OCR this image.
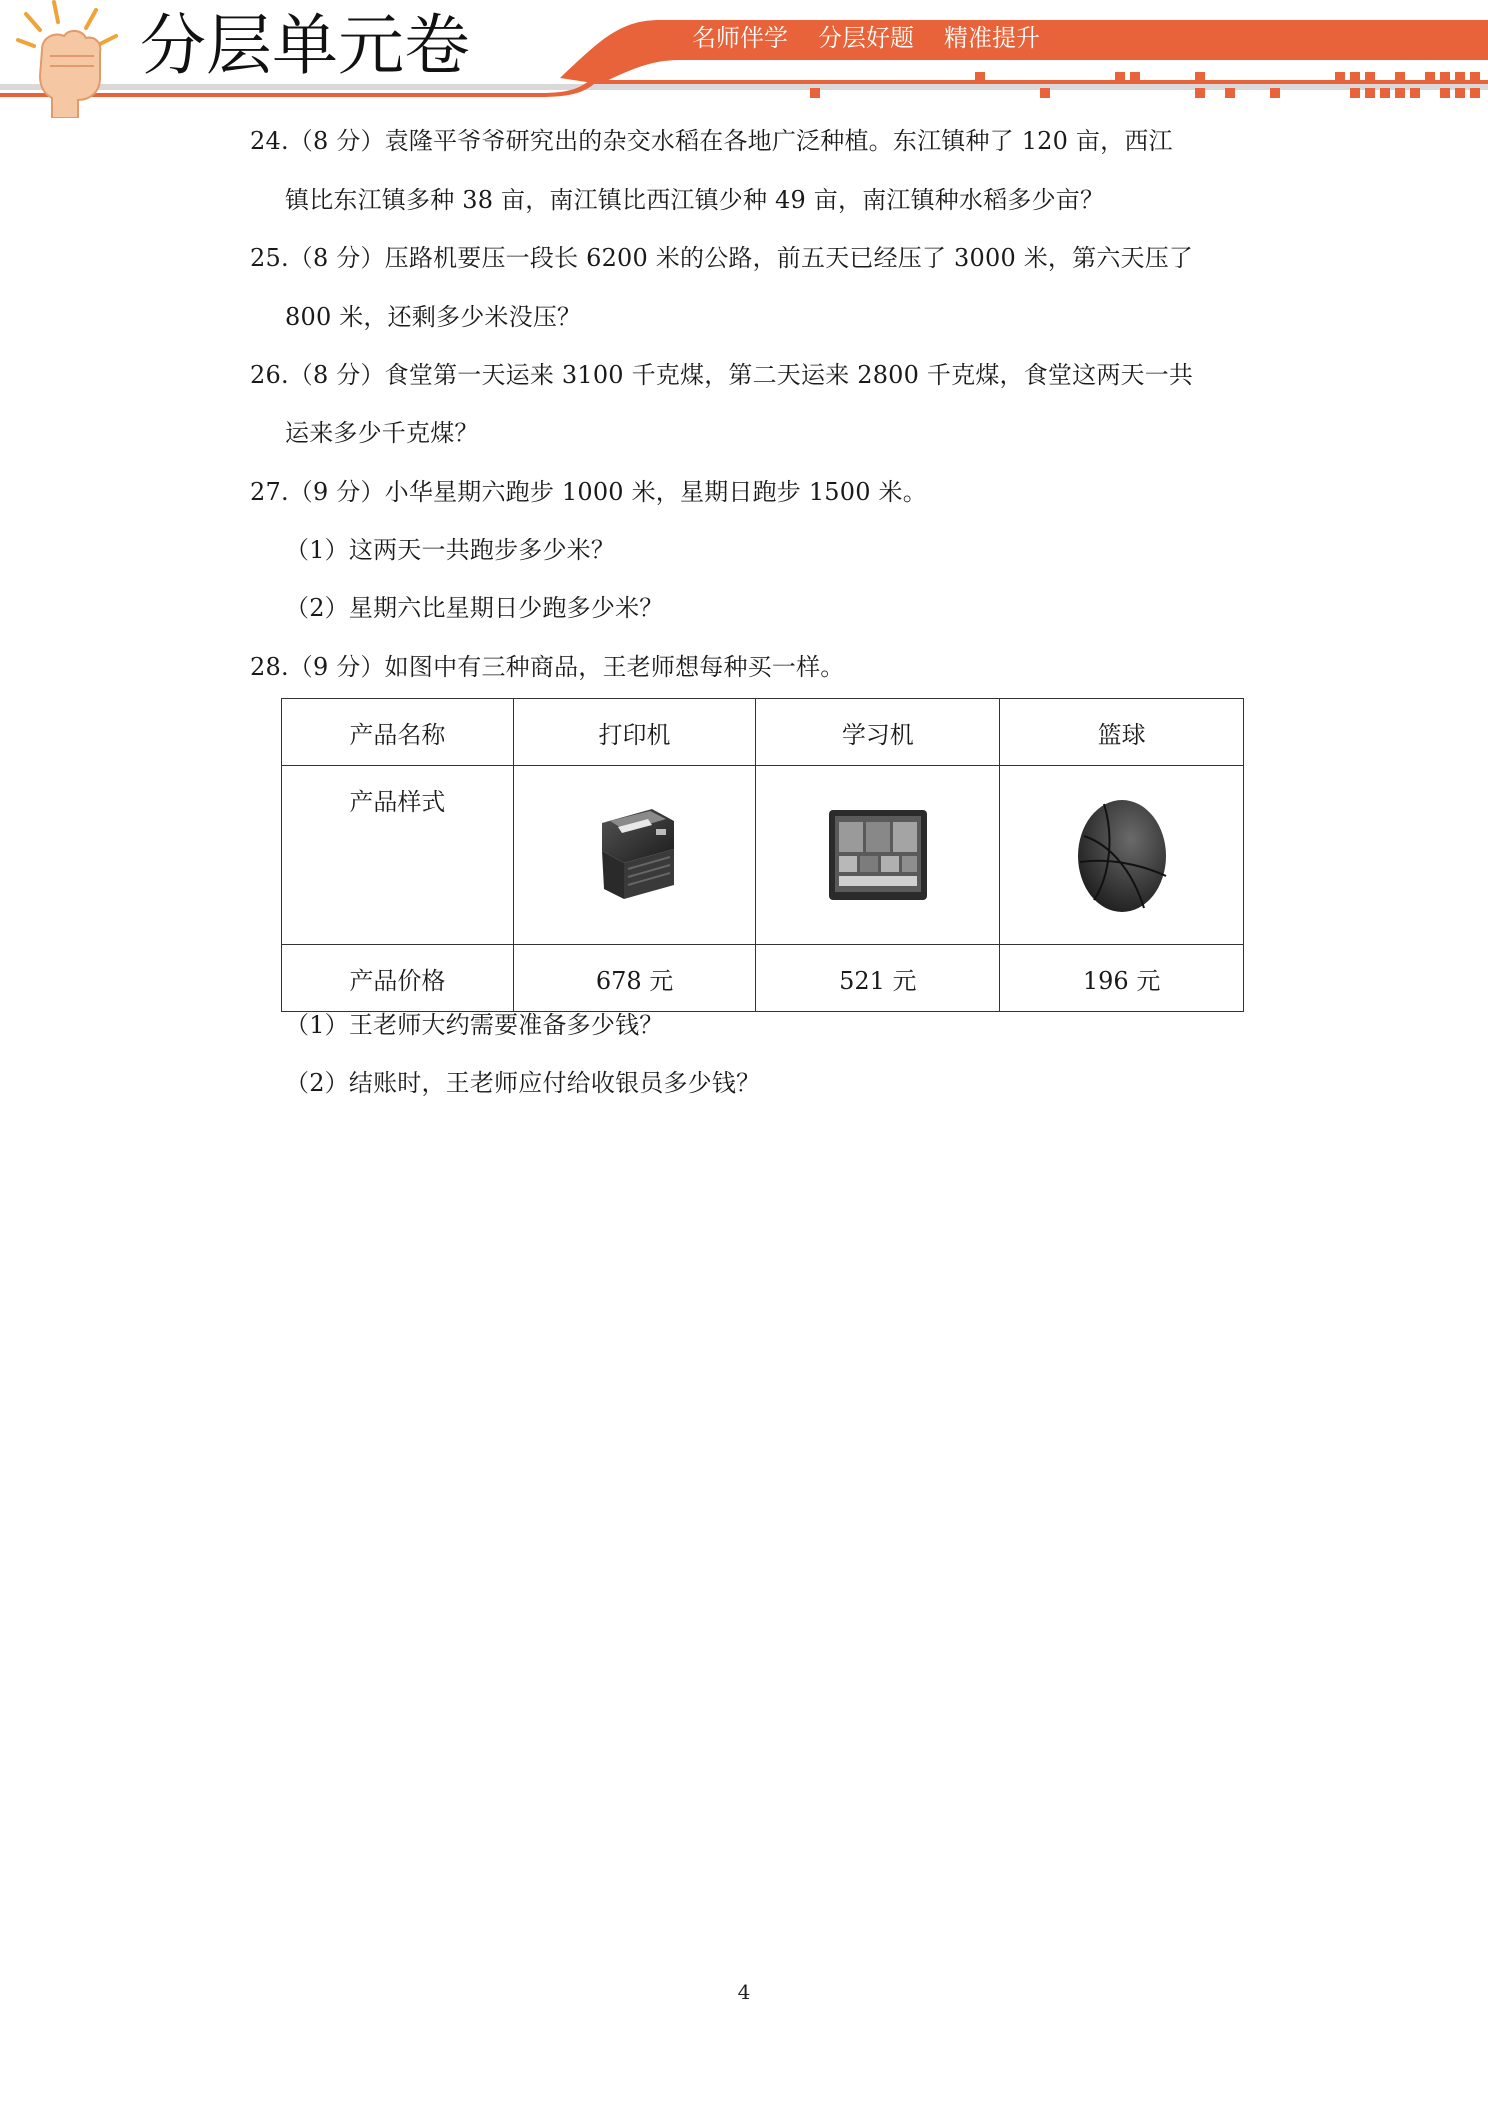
分层单元卷	名师伴学 分层好题 精准提升
24.（8 分）袁隆平爷爷研究出的杂交水稻在各地广泛种植。东江镇种了 120 亩，西江
镇比东江镇多种 38 亩，南江镇比西江镇少种 49 亩，南江镇种水稻多少亩？
25.（8 分）压路机要压一段长 6200 米的公路，前五天已经压了 3000 米，第六天压了
800 米，还剩多少米没压？
26.（8 分）食堂第一天运来 3100 千克煤，第二天运来 2800 千克煤，食堂这两天一共
运来多少千克煤？
27.（9 分）小华星期六跑步 1000 米，星期日跑步 1500 米。
（1）这两天一共跑步多少米？
（2）星期六比星期日少跑多少米？
28.（9 分）如图中有三种商品，王老师想每种买一样。
产品名称	打印机	学习机	篮球
产品样式	

产品价格	678 元	521 元	196 元
（1）王老师大约需要准备多少钱？
（2）结账时，王老师应付给收银员多少钱？
4
